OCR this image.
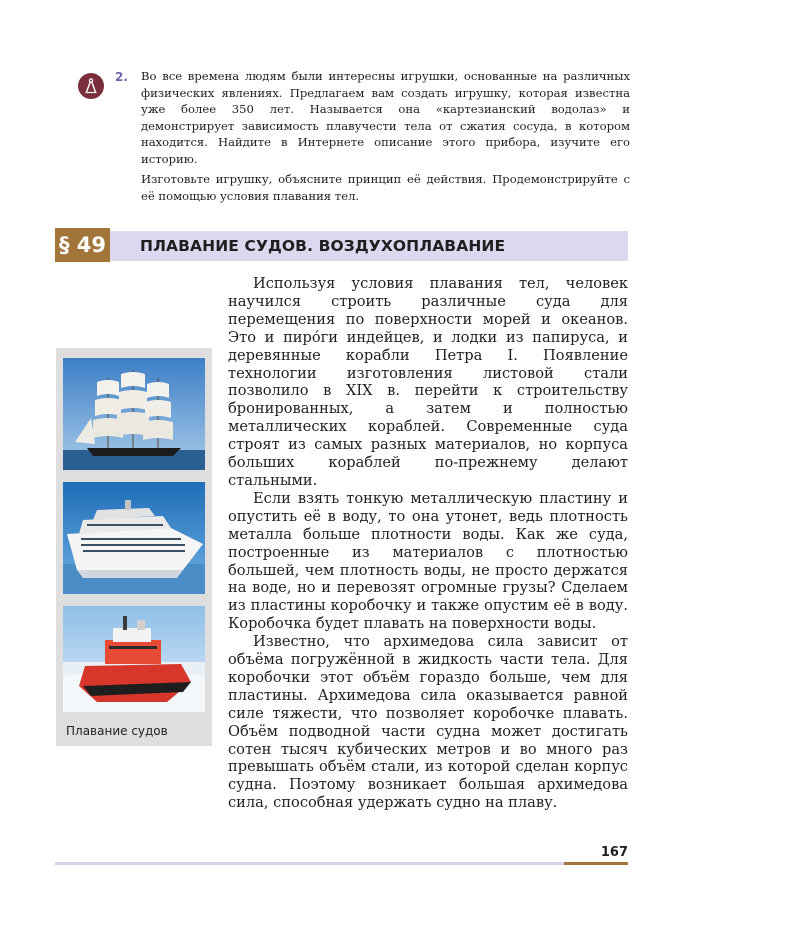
2. Во все времена людям были интересны игрушки, основанные на различных физических явлениях. Предлагаем вам создать игрушку, которая известна уже более 350 лет. Называется она «картезианский водолаз» и демонстрирует зависимость плавучести тела от сжатия сосуда, в котором находится. Найдите в Интернете описание этого прибора, изучите его историю.

Изготовьте игрушку, объясните принцип её действия. Продемонстрируйте с её помощью условия плавания тел.

§ 49 ПЛАВАНИЕ СУДОВ. ВОЗДУХОПЛАВАНИЕ
Плавание судов

Используя условия плавания тел, человек научился строить различные суда для перемещения по поверхности морей и океанов. Это и пиро́ги индейцев, и лодки из папируса, и деревянные корабли Петра I. Появление технологии изготовления листовой стали позволило в XIX в. перейти к строительству бронированных, а затем и полностью металлических кораблей. Современные суда строят из самых разных материалов, но корпуса больших кораблей по-прежнему делают стальными.

Если взять тонкую металлическую пластину и опустить её в воду, то она утонет, ведь плотность металла больше плотности воды. Как же суда, построенные из материалов с плотностью большей, чем плотность воды, не просто держатся на воде, но и перевозят огромные грузы? Сделаем из пластины коробочку и также опустим её в воду. Коробочка будет плавать на поверхности воды.

Известно, что архимедова сила зависит от объёма погружённой в жидкость части тела. Для коробочки этот объём гораздо больше, чем для пластины. Архимедова сила оказывается равной силе тяжести, что позволяет коробочке плавать. Объём подводной части судна может достигать сотен тысяч кубических метров и во много раз превышать объём стали, из которой сделан корпус судна. Поэтому возникает большая архимедова сила, способная удержать судно на плаву.

167
